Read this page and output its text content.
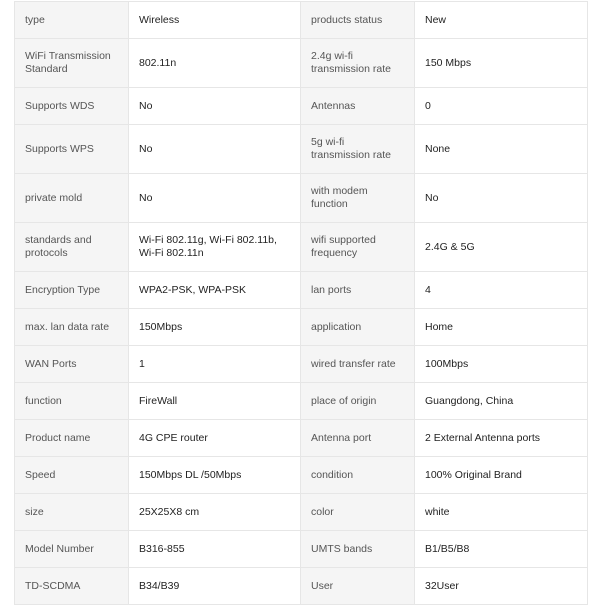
type	Wireless	products status	New
WiFi Transmission Standard	802.11n	2.4g wi-fi transmission rate	150 Mbps
Supports WDS	No	Antennas	0
Supports WPS	No	5g wi-fi transmission rate	None
private mold	No	with modem function	No
standards and protocols	Wi-Fi 802.11g, Wi-Fi 802.11b, Wi-Fi 802.11n	wifi supported frequency	2.4G & 5G
Encryption Type	WPA2-PSK, WPA-PSK	lan ports	4
max. lan data rate	150Mbps	application	Home
WAN Ports	1	wired transfer rate	100Mbps
function	FireWall	place of origin	Guangdong, China
Product name	4G CPE router	Antenna port	2 External Antenna ports
Speed	150Mbps DL /50Mbps	condition	100% Original Brand
size	25X25X8 cm	color	white
Model Number	B316-855	UMTS bands	B1/B5/B8
TD-SCDMA	B34/B39	User	32User
